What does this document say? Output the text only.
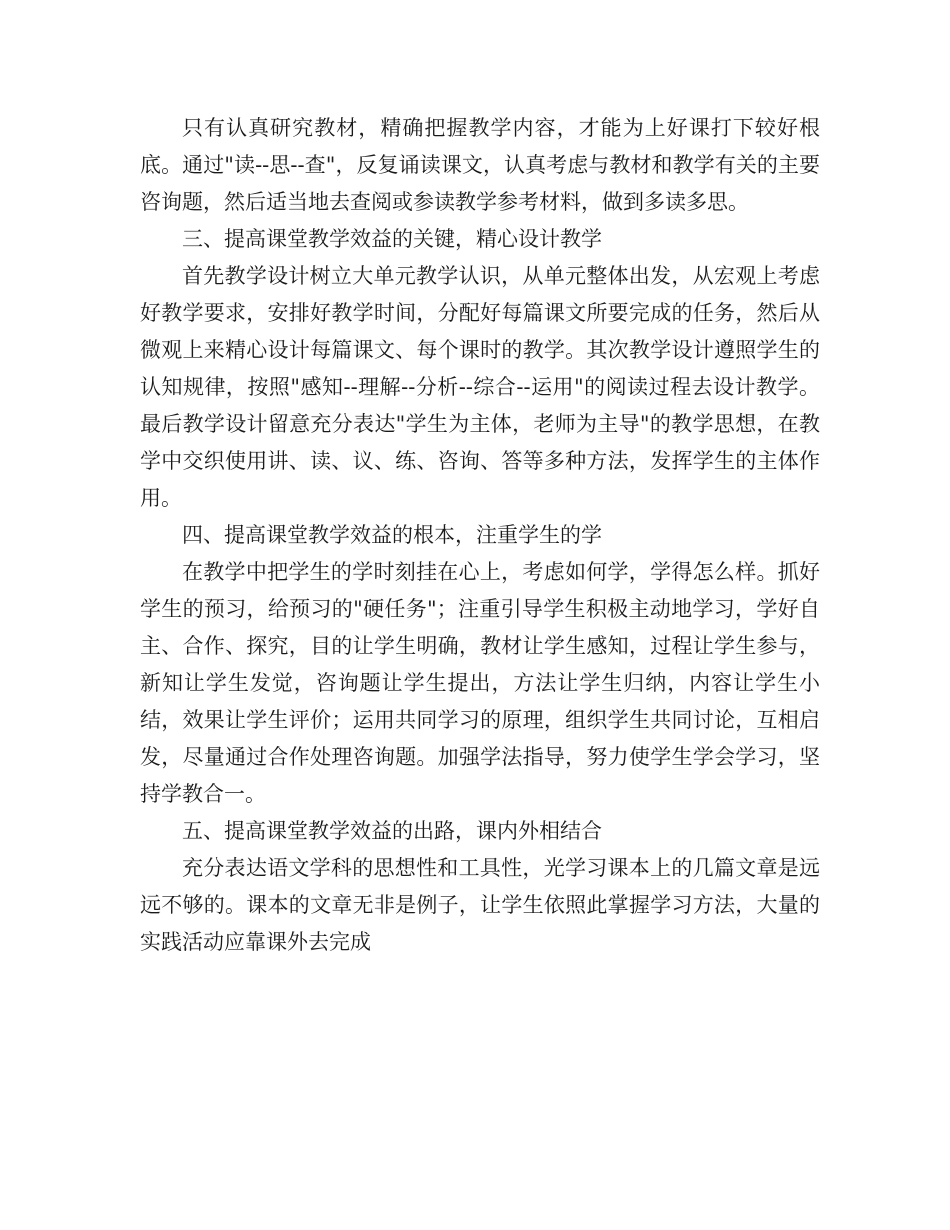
只有认真研究教材，精确把握教学内容，才能为上好课打下较好根底。通过"读--思--查"，反复诵读课文，认真考虑与教材和教学有关的主要咨询题，然后适当地去查阅或参读教学参考材料，做到多读多思。

三、提高课堂教学效益的关键，精心设计教学

首先教学设计树立大单元教学认识，从单元整体出发，从宏观上考虑好教学要求，安排好教学时间，分配好每篇课文所要完成的任务，然后从微观上来精心设计每篇课文、每个课时的教学。其次教学设计遵照学生的认知规律，按照"感知--理解--分析--综合--运用"的阅读过程去设计教学。最后教学设计留意充分表达"学生为主体，老师为主导"的教学思想，在教学中交织使用讲、读、议、练、咨询、答等多种方法，发挥学生的主体作用。

四、提高课堂教学效益的根本，注重学生的学

在教学中把学生的学时刻挂在心上，考虑如何学，学得怎么样。抓好学生的预习，给预习的"硬任务"；注重引导学生积极主动地学习，学好自主、合作、探究，目的让学生明确，教材让学生感知，过程让学生参与，新知让学生发觉，咨询题让学生提出，方法让学生归纳，内容让学生小结，效果让学生评价；运用共同学习的原理，组织学生共同讨论，互相启发，尽量通过合作处理咨询题。加强学法指导，努力使学生学会学习，坚持学教合一。

五、提高课堂教学效益的出路，课内外相结合

充分表达语文学科的思想性和工具性，光学习课本上的几篇文章是远远不够的。课本的文章无非是例子，让学生依照此掌握学习方法，大量的实践活动应靠课外去完成
